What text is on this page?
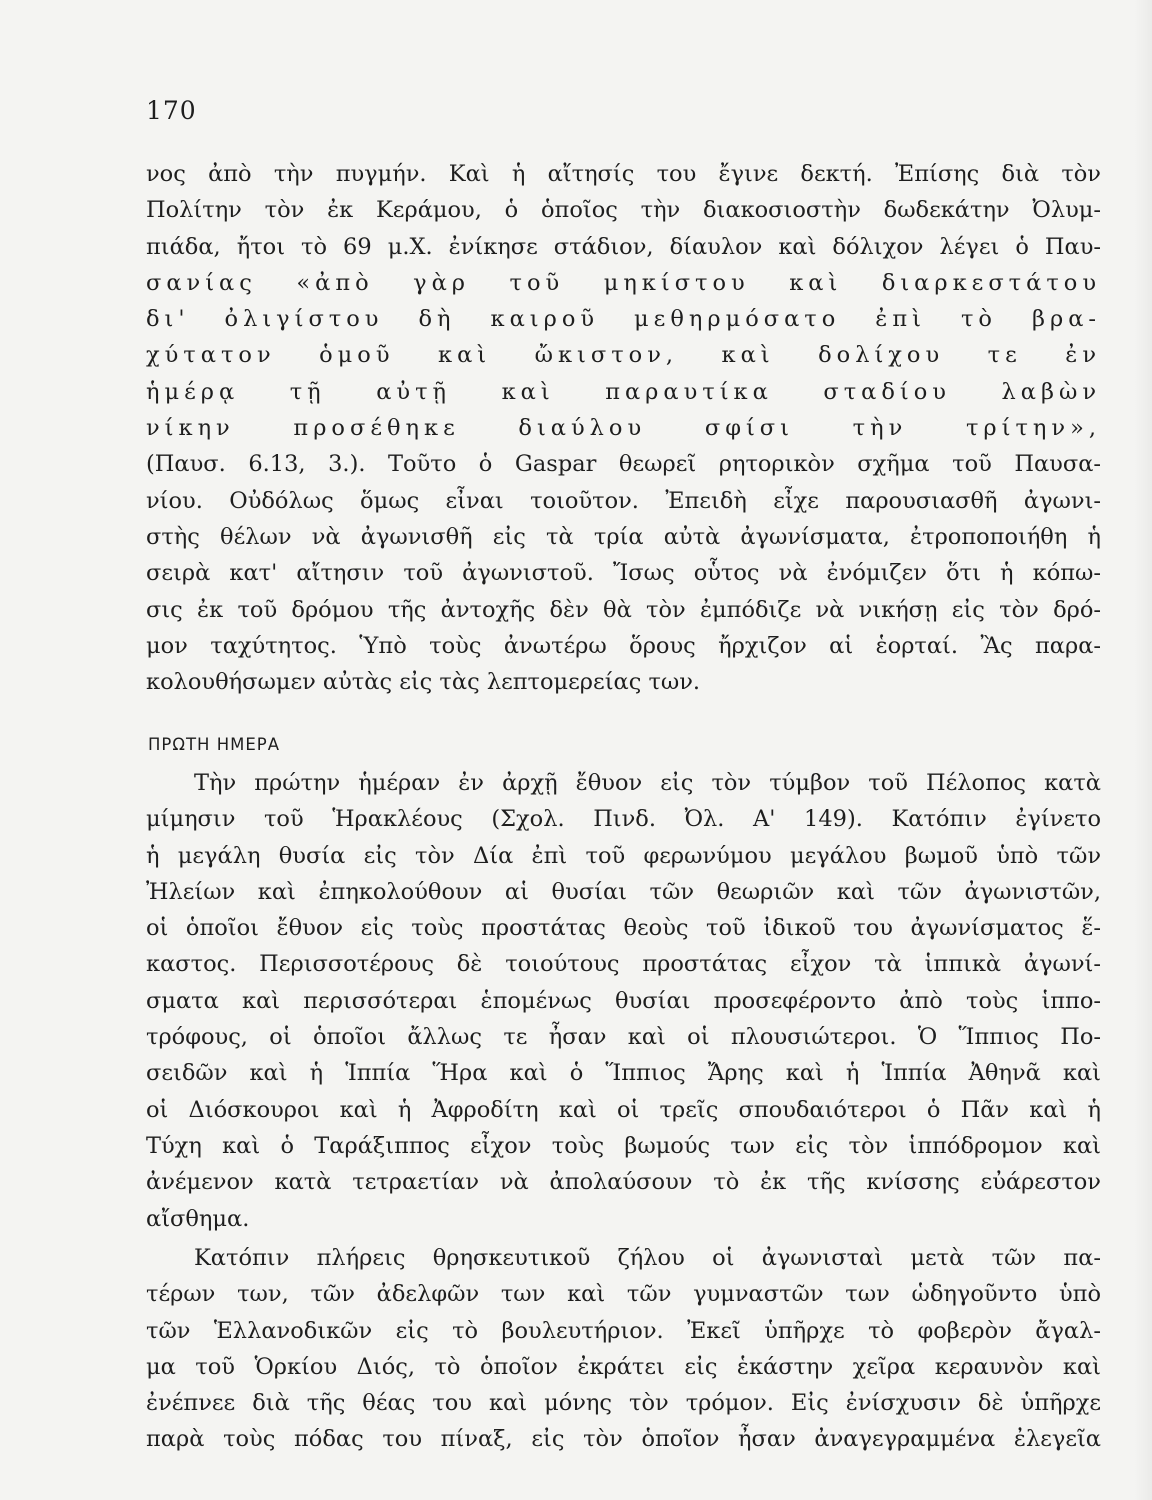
170
νος ἀπὸ τὴν πυγμήν. Καὶ ἡ αἴτησίς του ἔγινε δεκτή. Ἐπίσης διὰ τὸν
Πολίτην τὸν ἐκ Κεράμου, ὁ ὁποῖος τὴν διακοσιοστὴν δωδεκάτην Ὀλυμ-
πιάδα, ἤτοι τὸ 69 μ.Χ. ἐνίκησε στάδιον, δίαυλον καὶ δόλιχον λέγει ὁ Παυ-
σανίας «ἀπὸ γὰρ τοῦ μηκίστου καὶ διαρκεστάτου
δι' ὀλιγίστου δὴ καιροῦ μεθηρμόσατο ἐπὶ τὸ βρα-
χύτατον ὁμοῦ καὶ ὤκιστον, καὶ δολίχου τε ἐν
ἡμέρᾳ τῇ αὐτῇ καὶ παραυτίκα σταδίου λαβὼν
νίκην προσέθηκε διαύλου σφίσι τὴν τρίτην»,
(Παυσ. 6.13, 3.). Τοῦτο ὁ Gaspar θεωρεῖ ρητορικὸν σχῆμα τοῦ Παυσα-
νίου. Οὐδόλως ὅμως εἶναι τοιοῦτον. Ἐπειδὴ εἶχε παρουσιασθῆ ἀγωνι-
στὴς θέλων νὰ ἀγωνισθῆ εἰς τὰ τρία αὐτὰ ἀγωνίσματα, ἐτροποποιήθη ἡ
σειρὰ κατ' αἴτησιν τοῦ ἀγωνιστοῦ. Ἴσως οὗτος νὰ ἐνόμιζεν ὅτι ἡ κόπω-
σις ἐκ τοῦ δρόμου τῆς ἀντοχῆς δὲν θὰ τὸν ἐμπόδιζε νὰ νικήσῃ εἰς τὸν δρό-
μον ταχύτητος. Ὑπὸ τοὺς ἀνωτέρω ὅρους ἤρχιζον αἱ ἑορταί. Ἂς παρα-
κολουθήσωμεν αὐτὰς εἰς τὰς λεπτομερείας των.
ΠΡΩΤΗ ΗΜΕΡΑ
Τὴν πρώτην ἡμέραν ἐν ἀρχῇ ἔθυον εἰς τὸν τύμβον τοῦ Πέλοπος κατὰ
μίμησιν τοῦ Ἡρακλέους (Σχολ. Πινδ. Ὀλ. Α' 149). Κατόπιν ἐγίνετο
ἡ μεγάλη θυσία εἰς τὸν Δία ἐπὶ τοῦ φερωνύμου μεγάλου βωμοῦ ὑπὸ τῶν
Ἠλείων καὶ ἐπηκολούθουν αἱ θυσίαι τῶν θεωριῶν καὶ τῶν ἀγωνιστῶν,
οἱ ὁποῖοι ἔθυον εἰς τοὺς προστάτας θεοὺς τοῦ ἰδικοῦ του ἀγωνίσματος ἕ-
καστος. Περισσοτέρους δὲ τοιούτους προστάτας εἶχον τὰ ἱππικὰ ἀγωνί-
σματα καὶ περισσότεραι ἑπομένως θυσίαι προσεφέροντο ἀπὸ τοὺς ἱππο-
τρόφους, οἱ ὁποῖοι ἄλλως τε ἦσαν καὶ οἱ πλουσιώτεροι. Ὁ Ἵππιος Πο-
σειδῶν καὶ ἡ Ἱππία Ἥρα καὶ ὁ Ἵππιος Ἄρης καὶ ἡ Ἱππία Ἀθηνᾶ καὶ
οἱ Διόσκουροι καὶ ἡ Ἀφροδίτη καὶ οἱ τρεῖς σπουδαιότεροι ὁ Πᾶν καὶ ἡ
Τύχη καὶ ὁ Ταράξιππος εἶχον τοὺς βωμούς των εἰς τὸν ἱππόδρομον καὶ
ἀνέμενον κατὰ τετραετίαν νὰ ἀπολαύσουν τὸ ἐκ τῆς κνίσσης εὐάρεστον
αἴσθημα.
Κατόπιν πλήρεις θρησκευτικοῦ ζήλου οἱ ἀγωνισταὶ μετὰ τῶν πα-
τέρων των, τῶν ἀδελφῶν των καὶ τῶν γυμναστῶν των ὡδηγοῦντο ὑπὸ
τῶν Ἑλλανοδικῶν εἰς τὸ βουλευτήριον. Ἐκεῖ ὑπῆρχε τὸ φοβερὸν ἄγαλ-
μα τοῦ Ὁρκίου Διός, τὸ ὁποῖον ἐκράτει εἰς ἑκάστην χεῖρα κεραυνὸν καὶ
ἐνέπνεε διὰ τῆς θέας του καὶ μόνης τὸν τρόμον. Εἰς ἐνίσχυσιν δὲ ὑπῆρχε
παρὰ τοὺς πόδας του πίναξ, εἰς τὸν ὁποῖον ἦσαν ἀναγεγραμμένα ἐλεγεῖα
